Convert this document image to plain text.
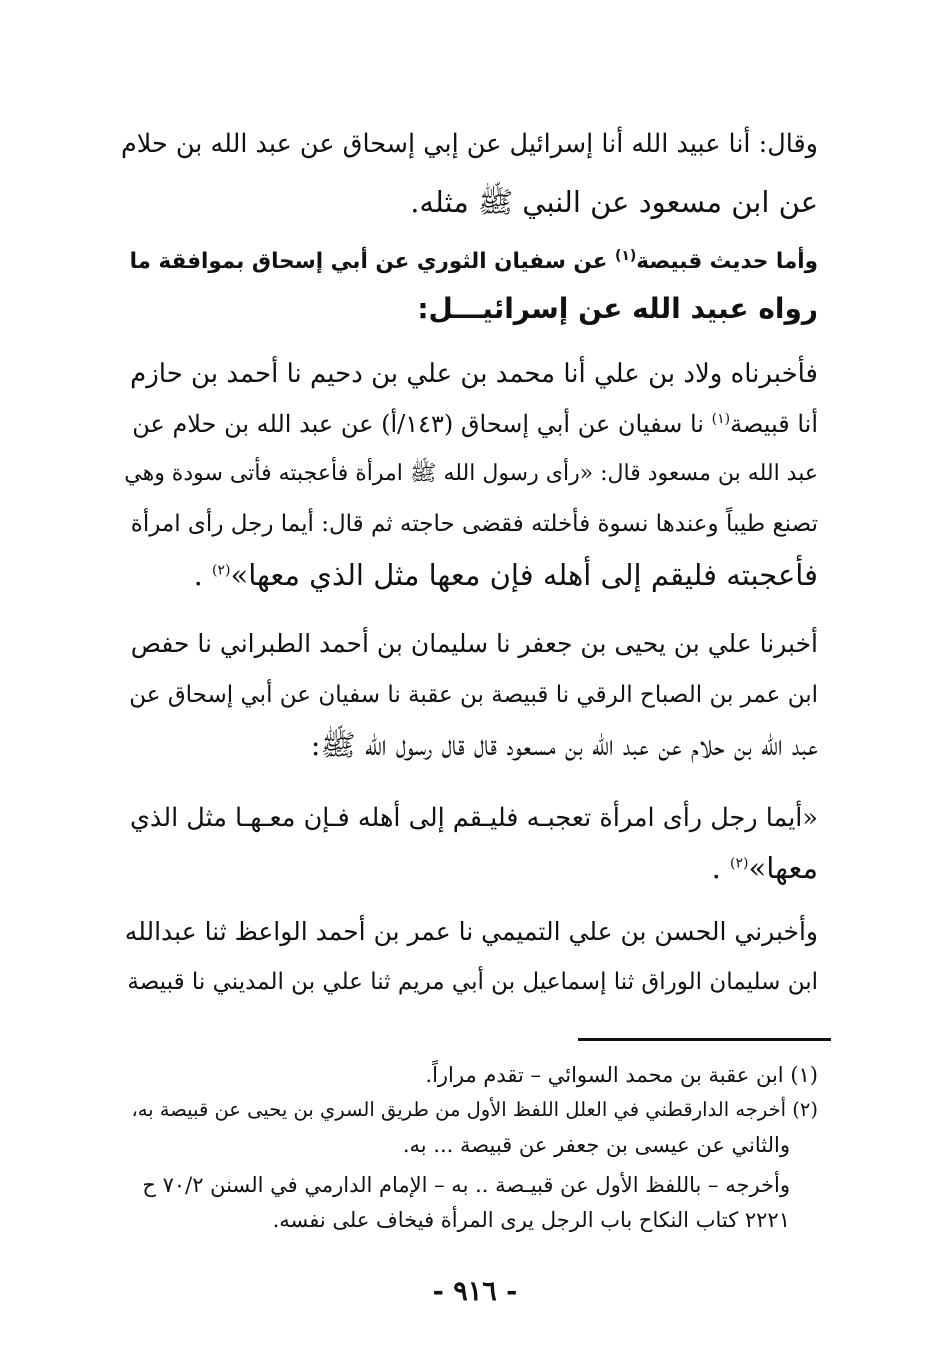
وقال: أنا عبيد الله أنا إسرائيل عن إبي إسحاق عن عبد الله بن حلام

عن ابن مسعود عن النبي ﷺ مثله.

وأما حديث قبيصة$^{(١)}$ عن سفيان الثوري عن أبي إسحاق بموافقة ما

رواه عبيد الله عن إسرائيـــل:

فأخبرناه ولاد بن علي أنا محمد بن علي بن دحيم نا أحمد بن حازم

أنا قبيصة$^{(١)}$ نا سفيان عن أبي إسحاق (١٤٣/أ) عن عبد الله بن حلام عن

عبد الله بن مسعود قال: «رأى رسول الله ﷺ امرأة فأعجبته فأتى سودة وهي

تصنع طيباً وعندها نسوة فأخلته فقضى حاجته ثم قال: أيما رجل رأى امرأة

فأعجبته فليقم إلى أهله فإن معها مثل الذي معها»$^{(٢)}$ .

أخبرنا علي بن يحيى بن جعفر نا سليمان بن أحمد الطبراني نا حفص

ابن عمر بن الصباح الرقي نا قبيصة بن عقبة نا سفيان عن أبي إسحاق عن

عبد الله بن حلام عن عبد الله بن مسعود قال قال رسول الله ﷺ:

«أيما رجل رأى امرأة تعجبـه فليـقم إلى أهله فـإن معـهـا مثل الذي

معها»$^{(٢)}$ .

وأخبرني الحسن بن علي التميمي نا عمر بن أحمد الواعظ ثنا عبدالله

ابن سليمان الوراق ثنا إسماعيل بن أبي مريم ثنا علي بن المديني نا قبيصة

(١) ابن عقبة بن محمد السوائي – تقدم مراراً.

(٢) أخرجه الدارقطني في العلل اللفظ الأول من طريق السري بن يحيى عن قبيصة به،

والثاني عن عيسى بن جعفر عن قبيصة ... به.

وأخرجه – باللفظ الأول عن قبيـصة .. به – الإمام الدارمي في السنن ٧٠/٢ ح

٢٢٢١ كتاب النكاح باب الرجل يرى المرأة فيخاف على نفسه.

- ٩١٦ -
